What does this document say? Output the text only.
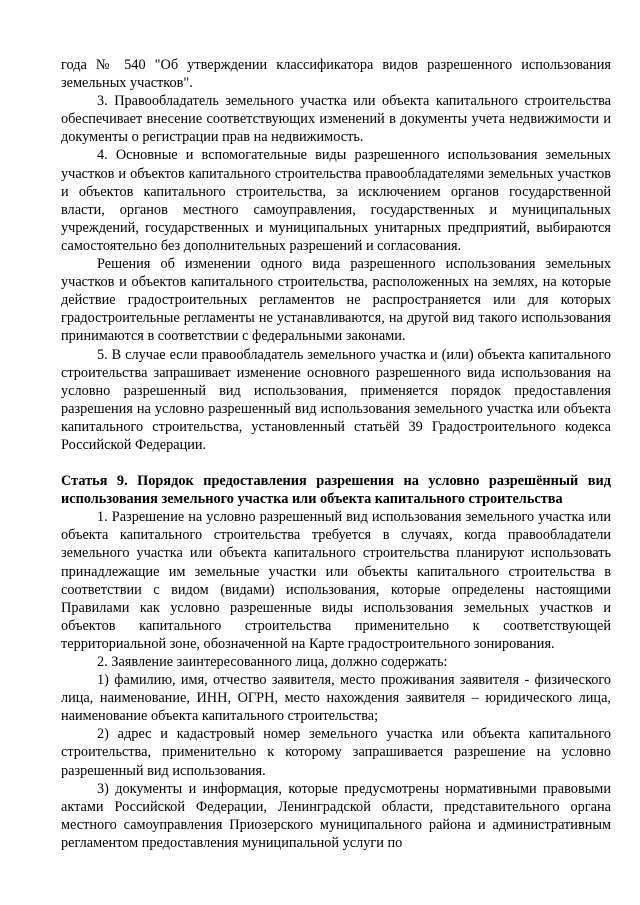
года № 540 "Об утверждении классификатора видов разрешенного использования земельных участков".

3. Правообладатель земельного участка или объекта капитального строительства обеспечивает внесение соответствующих изменений в документы учета недвижимости и документы о регистрации прав на недвижимость.

4. Основные и вспомогательные виды разрешенного использования земельных участков и объектов капитального строительства правообладателями земельных участков и объектов капитального строительства, за исключением органов государственной власти, органов местного самоуправления, государственных и муниципальных учреждений, государственных и муниципальных унитарных предприятий, выбираются самостоятельно без дополнительных разрешений и согласования.

Решения об изменении одного вида разрешенного использования земельных участков и объектов капитального строительства, расположенных на землях, на которые действие градостроительных регламентов не распространяется или для которых градостроительные регламенты не устанавливаются, на другой вид такого использования принимаются в соответствии с федеральными законами.

5. В случае если правообладатель земельного участка и (или) объекта капитального строительства запрашивает изменение основного разрешенного вида использования на условно разрешенный вид использования, применяется порядок предоставления разрешения на условно разрешенный вид использования земельного участка или объекта капитального строительства, установленный статьёй 39 Градостроительного кодекса Российской Федерации.

Статья 9. Порядок предоставления разрешения на условно разрешённый вид использования земельного участка или объекта капитального строительства

1. Разрешение на условно разрешенный вид использования земельного участка или объекта капитального строительства требуется в случаях, когда правообладатели земельного участка или объекта капитального строительства планируют использовать принадлежащие им земельные участки или объекты капитального строительства в соответствии с видом (видами) использования, которые определены настоящими Правилами как условно разрешенные виды использования земельных участков и объектов капитального строительства применительно к соответствующей территориальной зоне, обозначенной на Карте градостроительного зонирования.

2. Заявление заинтересованного лица, должно содержать:

1) фамилию, имя, отчество заявителя, место проживания заявителя - физического лица, наименование, ИНН, ОГРН, место нахождения заявителя – юридического лица, наименование объекта капитального строительства;

2) адрес и кадастровый номер земельного участка или объекта капитального строительства, применительно к которому запрашивается разрешение на условно разрешенный вид использования.

3) документы и информация, которые предусмотрены нормативными правовыми актами Российской Федерации, Ленинградской области, представительного органа местного самоуправления Приозерского муниципального района и административным регламентом предоставления муниципальной услуги по
